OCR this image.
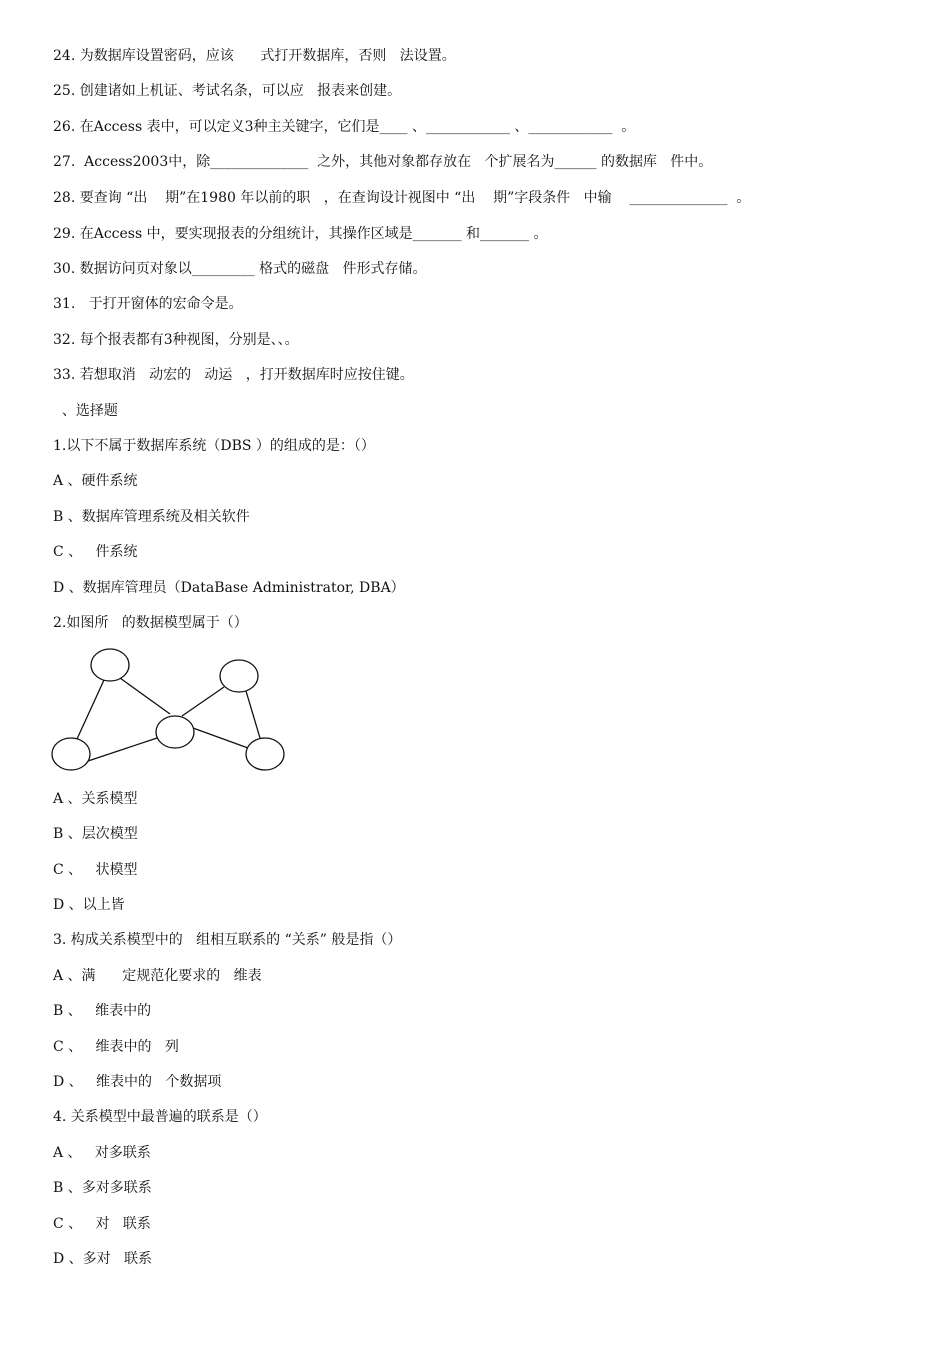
24. 为数据库设置密码，应该      式打开数据库，否则   法设置。
25. 创建诸如上机证、考试名条，可以应   报表来创建。
26. 在Access 表中，可以定义3种主关键字，它们是____ 、____________ 、____________  。
27.  Access2003中，除______________  之外，其他对象都存放在   个扩展名为______ 的数据库   件中。
28. 要查询 “出    期”在1980 年以前的职   ，在查询设计视图中 “出    期”字段条件   中输    ______________  。
29. 在Access 中，要实现报表的分组统计，其操作区域是_______ 和_______ 。
30. 数据访问页对象以_________ 格式的磁盘   件形式存储。
31.   于打开窗体的宏命令是。
32. 每个报表都有3种视图，分别是、、。
33. 若想取消   动宏的   动运   ，打开数据库时应按住键。
、选择题
1.以下不属于数据库系统（DBS ）的组成的是：（）
A 、硬件系统
B 、数据库管理系统及相关软件
C 、   件系统
D 、数据库管理员（DataBase Administrator, DBA）
2.如图所   的数据模型属于（）
A 、关系模型
B 、层次模型
C 、   状模型
D 、以上皆
3. 构成关系模型中的   组相互联系的 “关系” 般是指（）
A 、满      定规范化要求的   维表
B 、   维表中的
C 、   维表中的   列
D 、   维表中的   个数据项
4. 关系模型中最普遍的联系是（）
A 、   对多联系
B 、多对多联系
C 、   对   联系
D 、多对   联系
